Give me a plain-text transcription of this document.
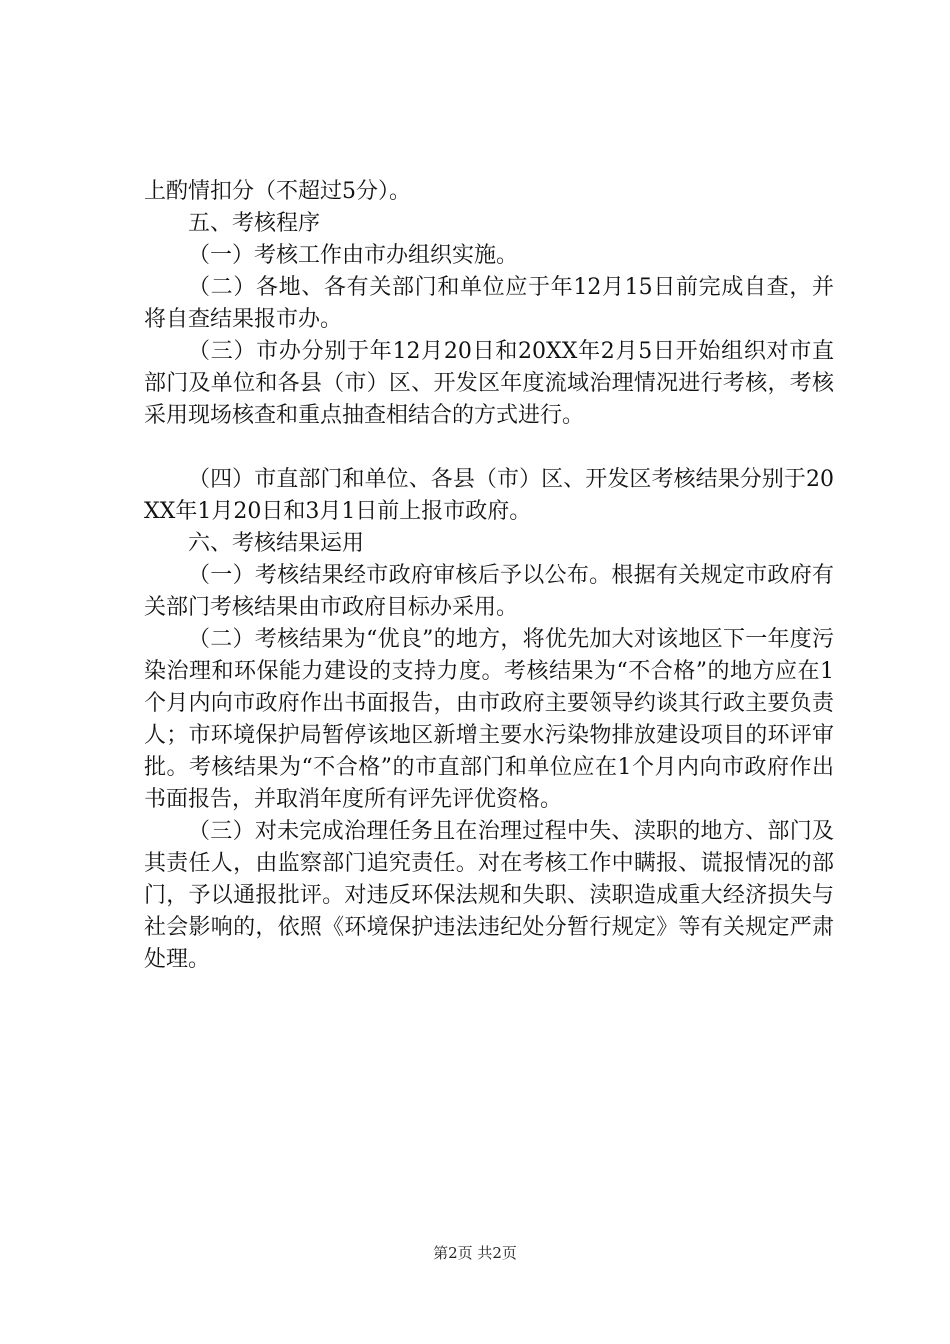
上酌情扣分（不超过5分）。

五、考核程序

（一）考核工作由市办组织实施。

（二）各地、各有关部门和单位应于年12月15日前完成自查，并将自查结果报市办。

（三）市办分别于年12月20日和20XX年2月5日开始组织对市直部门及单位和各县（市）区、开发区年度流域治理情况进行考核，考核采用现场核查和重点抽查相结合的方式进行。

（四）市直部门和单位、各县（市）区、开发区考核结果分别于20XX年1月20日和3月1日前上报市政府。

六、考核结果运用

（一）考核结果经市政府审核后予以公布。根据有关规定市政府有关部门考核结果由市政府目标办采用。

（二）考核结果为“优良”的地方，将优先加大对该地区下一年度污染治理和环保能力建设的支持力度。考核结果为“不合格”的地方应在1个月内向市政府作出书面报告，由市政府主要领导约谈其行政主要负责人；市环境保护局暂停该地区新增主要水污染物排放建设项目的环评审批。考核结果为“不合格”的市直部门和单位应在1个月内向市政府作出书面报告，并取消年度所有评先评优资格。

（三）对未完成治理任务且在治理过程中失、渎职的地方、部门及其责任人，由监察部门追究责任。对在考核工作中瞒报、谎报情况的部门，予以通报批评。对违反环保法规和失职、渎职造成重大经济损失与社会影响的，依照《环境保护违法违纪处分暂行规定》等有关规定严肃处理。

第2页 共2页
